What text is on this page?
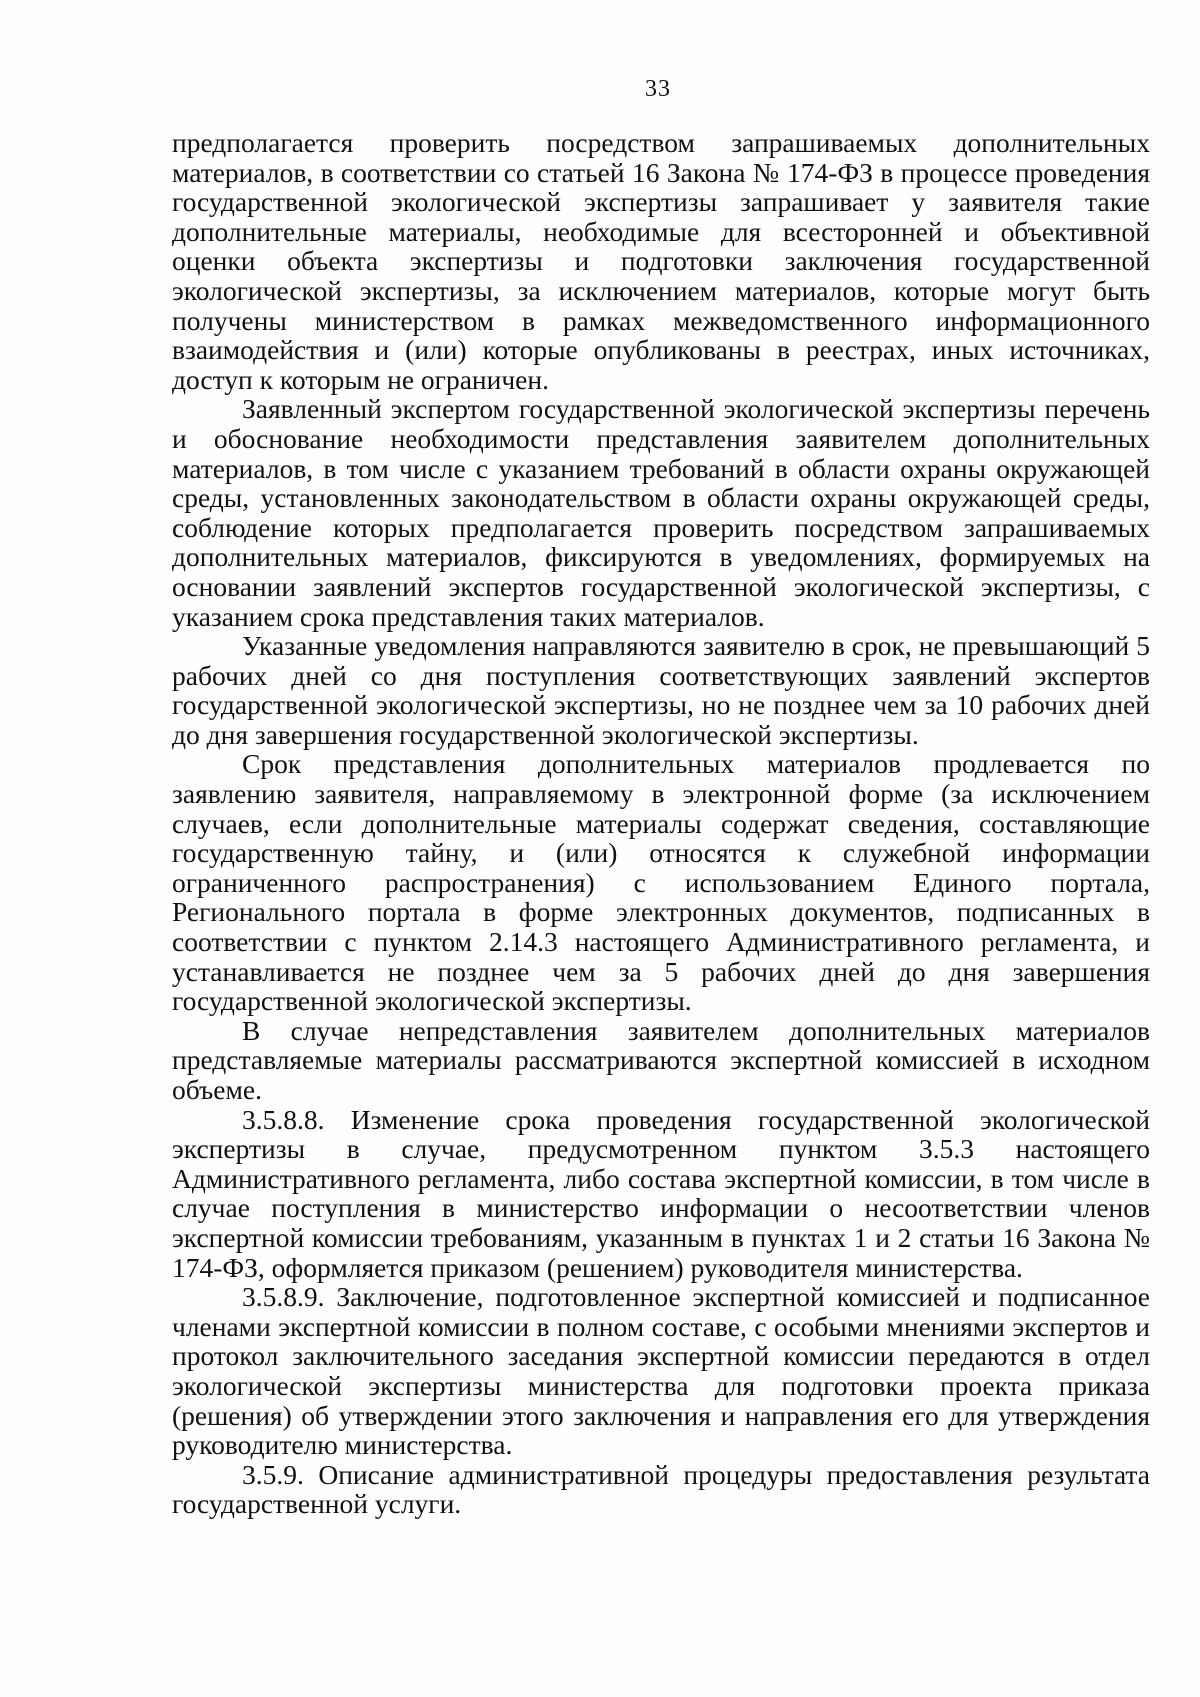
33

предполагается проверить посредством запрашиваемых дополнительных материалов, в соответствии со статьей 16 Закона № 174-ФЗ в процессе проведения государственной экологической экспертизы запрашивает у заявителя такие дополнительные материалы, необходимые для всесторонней и объективной оценки объекта экспертизы и подготовки заключения государственной экологической экспертизы, за исключением материалов, которые могут быть получены министерством в рамках межведомственного информационного взаимодействия и (или) которые опубликованы в реестрах, иных источниках, доступ к которым не ограничен.

Заявленный экспертом государственной экологической экспертизы перечень и обоснование необходимости представления заявителем дополнительных материалов, в том числе с указанием требований в области охраны окружающей среды, установленных законодательством в области охраны окружающей среды, соблюдение которых предполагается проверить посредством запрашиваемых дополнительных материалов, фиксируются в уведомлениях, формируемых на основании заявлений экспертов государственной экологической экспертизы, с указанием срока представления таких материалов.

Указанные уведомления направляются заявителю в срок, не превышающий 5 рабочих дней со дня поступления соответствующих заявлений экспертов государственной экологической экспертизы, но не позднее чем за 10 рабочих дней до дня завершения государственной экологической экспертизы.

Срок представления дополнительных материалов продлевается по заявлению заявителя, направляемому в электронной форме (за исключением случаев, если дополнительные материалы содержат сведения, составляющие государственную тайну, и (или) относятся к служебной информации ограниченного распространения) с использованием Единого портала, Регионального портала в форме электронных документов, подписанных в соответствии с пунктом 2.14.3 настоящего Административного регламента, и устанавливается не позднее чем за 5 рабочих дней до дня завершения государственной экологической экспертизы.

В случае непредставления заявителем дополнительных материалов представляемые материалы рассматриваются экспертной комиссией в исходном объеме.

3.5.8.8. Изменение срока проведения государственной экологической экспертизы в случае, предусмотренном пунктом 3.5.3 настоящего Административного регламента, либо состава экспертной комиссии, в том числе в случае поступления в министерство информации о несоответствии членов экспертной комиссии требованиям, указанным в пунктах 1 и 2 статьи 16 Закона № 174-ФЗ, оформляется приказом (решением) руководителя министерства.

3.5.8.9. Заключение, подготовленное экспертной комиссией и подписанное членами экспертной комиссии в полном составе, с особыми мнениями экспертов и протокол заключительного заседания экспертной комиссии передаются в отдел экологической экспертизы министерства для подготовки проекта приказа (решения) об утверждении этого заключения и направления его для утверждения руководителю министерства.

3.5.9. Описание административной процедуры предоставления результата государственной услуги.
